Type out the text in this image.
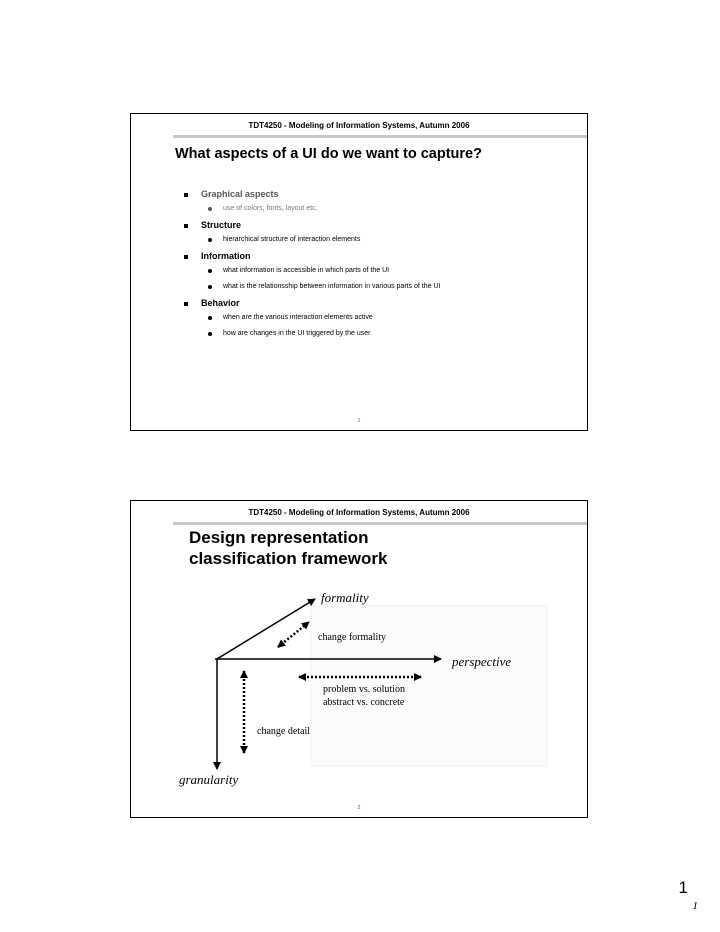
TDT4250 - Modeling of Information Systems, Autumn 2006
What aspects of a UI do we want to capture?
Graphical aspects
use of colors, fonts, layout etc.
Structure
hierarchical structure of interaction elements
Information
what information is accessible in which parts of the UI
what is the relationsship between information in various parts of the UI
Behavior
when are the various interaction elements active
how are changes in the UI triggered by the user
1
TDT4250 - Modeling of Information Systems, Autumn 2006
Design representation
classification framework
formality
perspective
granularity
change formality
problem vs. solution
abstract vs. concrete
change detail
2
1
1
